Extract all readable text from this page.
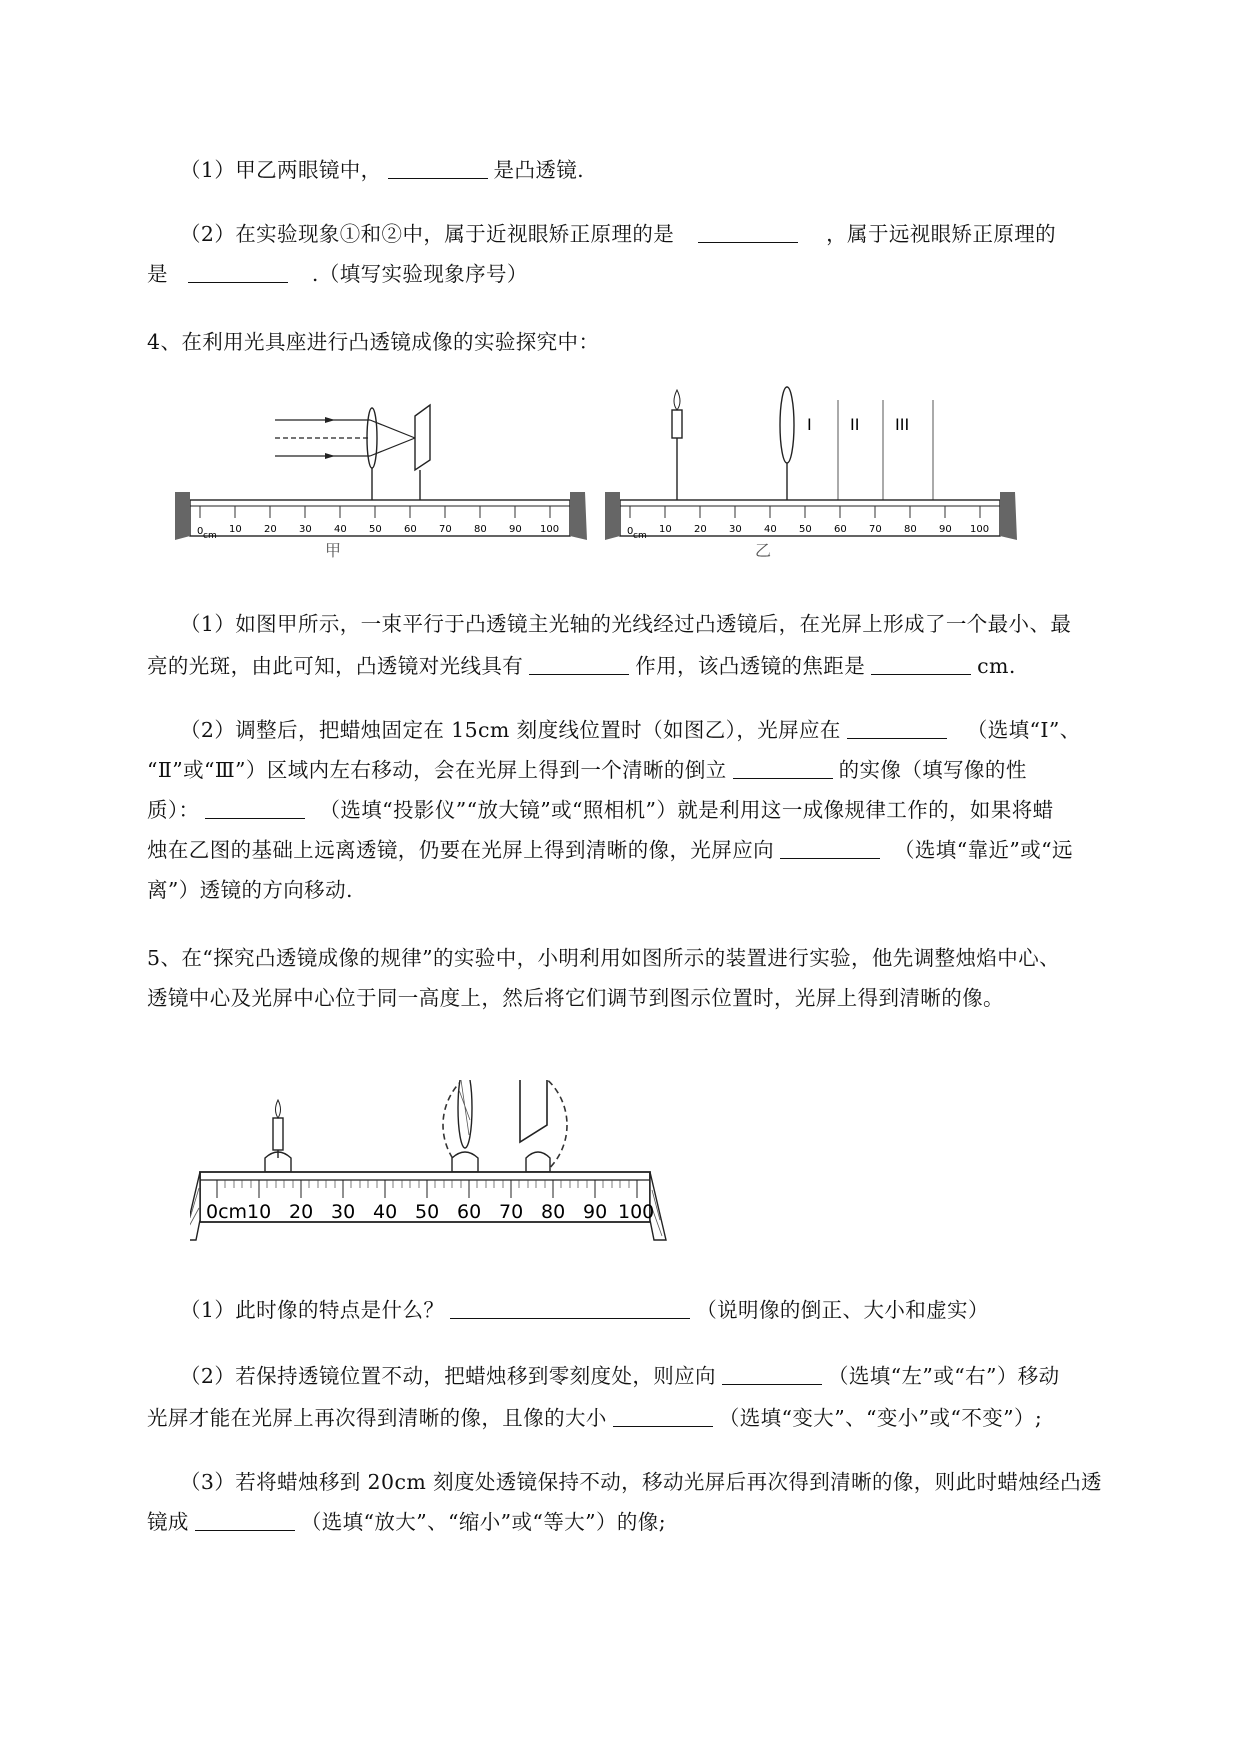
（1）甲乙两眼镜中，	是凸透镜.
（2）在实验现象①和②中，属于近视眼矫正原理的是	，属于远视眼矫正原理的
是	.（填写实验现象序号）
4、在利用光具座进行凸透镜成像的实验探究中：
0 cm
10 20 30 40 50 60 70 80 90 100
甲
I II III
0 cm
10 20 30 40 50 60 70 80 90 100
乙
（1）如图甲所示，一束平行于凸透镜主光轴的光线经过凸透镜后，在光屏上形成了一个最小、最
亮的光斑，由此可知，凸透镜对光线具有	作用，该凸透镜的焦距是	cm.
（2）调整后，把蜡烛固定在 15cm 刻度线位置时（如图乙），光屏应在	（选填“Ⅰ”、
“Ⅱ”或“Ⅲ”）区域内左右移动，会在光屏上得到一个清晰的倒立	的实像（填写像的性
质）：	（选填“投影仪”“放大镜”或“照相机”）就是利用这一成像规律工作的，如果将蜡
烛在乙图的基础上远离透镜，仍要在光屏上得到清晰的像，光屏应向	（选填“靠近”或“远
离”）透镜的方向移动.
5、在“探究凸透镜成像的规律”的实验中，小明利用如图所示的装置进行实验，他先调整烛焰中心、
透镜中心及光屏中心位于同一高度上，然后将它们调节到图示位置时，光屏上得到清晰的像。
0cm 10 20 30 40 50 60 70 80 90 100
（1）此时像的特点是什么？	（说明像的倒正、大小和虚实）
（2）若保持透镜位置不动，把蜡烛移到零刻度处，则应向	（选填“左”或“右”）移动
光屏才能在光屏上再次得到清晰的像，且像的大小	（选填“变大”、“变小”或“不变”）;
（3）若将蜡烛移到 20cm 刻度处透镜保持不动，移动光屏后再次得到清晰的像，则此时蜡烛经凸透
镜成	（选填“放大”、“缩小”或“等大”）的像;
